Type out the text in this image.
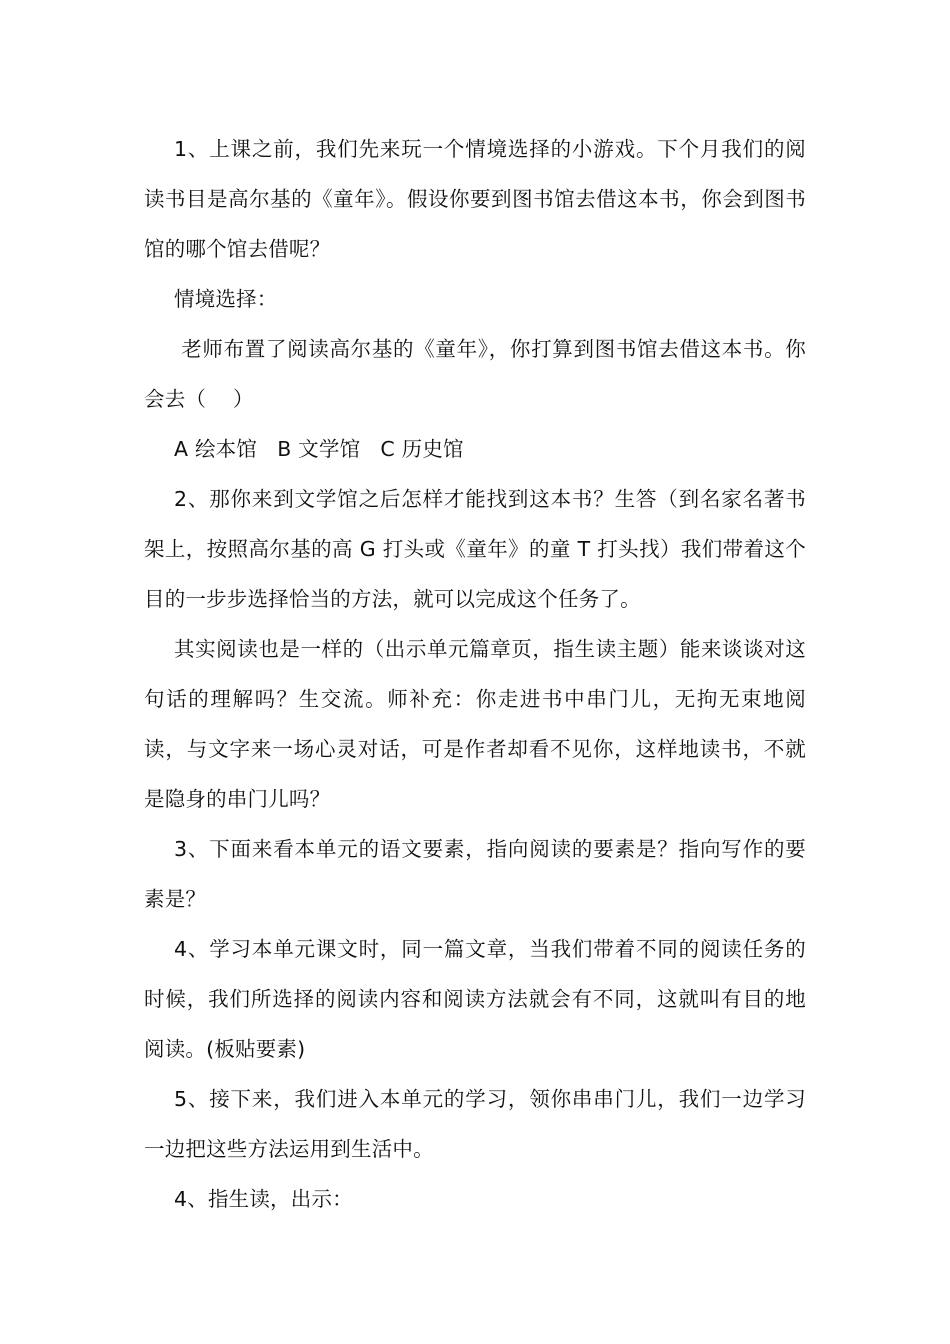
1、上课之前，我们先来玩一个情境选择的小游戏。下个月我们的阅读书目是高尔基的《童年》。假设你要到图书馆去借这本书，你会到图书馆的哪个馆去借呢？

情境选择：

老师布置了阅读高尔基的《童年》，你打算到图书馆去借这本书。你会去（    ）

A 绘本馆   B 文学馆   C 历史馆

2、那你来到文学馆之后怎样才能找到这本书？生答（到名家名著书架上，按照高尔基的高 G 打头或《童年》的童 T 打头找）我们带着这个目的一步步选择恰当的方法，就可以完成这个任务了。

其实阅读也是一样的（出示单元篇章页，指生读主题）能来谈谈对这句话的理解吗？生交流。师补充：你走进书中串门儿，无拘无束地阅读，与文字来一场心灵对话，可是作者却看不见你，这样地读书，不就是隐身的串门儿吗？

3、下面来看本单元的语文要素，指向阅读的要素是？指向写作的要素是？

4、学习本单元课文时，同一篇文章，当我们带着不同的阅读任务的时候，我们所选择的阅读内容和阅读方法就会有不同，这就叫有目的地阅读。(板贴要素)

5、接下来，我们进入本单元的学习，领你串串门儿，我们一边学习一边把这些方法运用到生活中。

4、指生读，出示：
